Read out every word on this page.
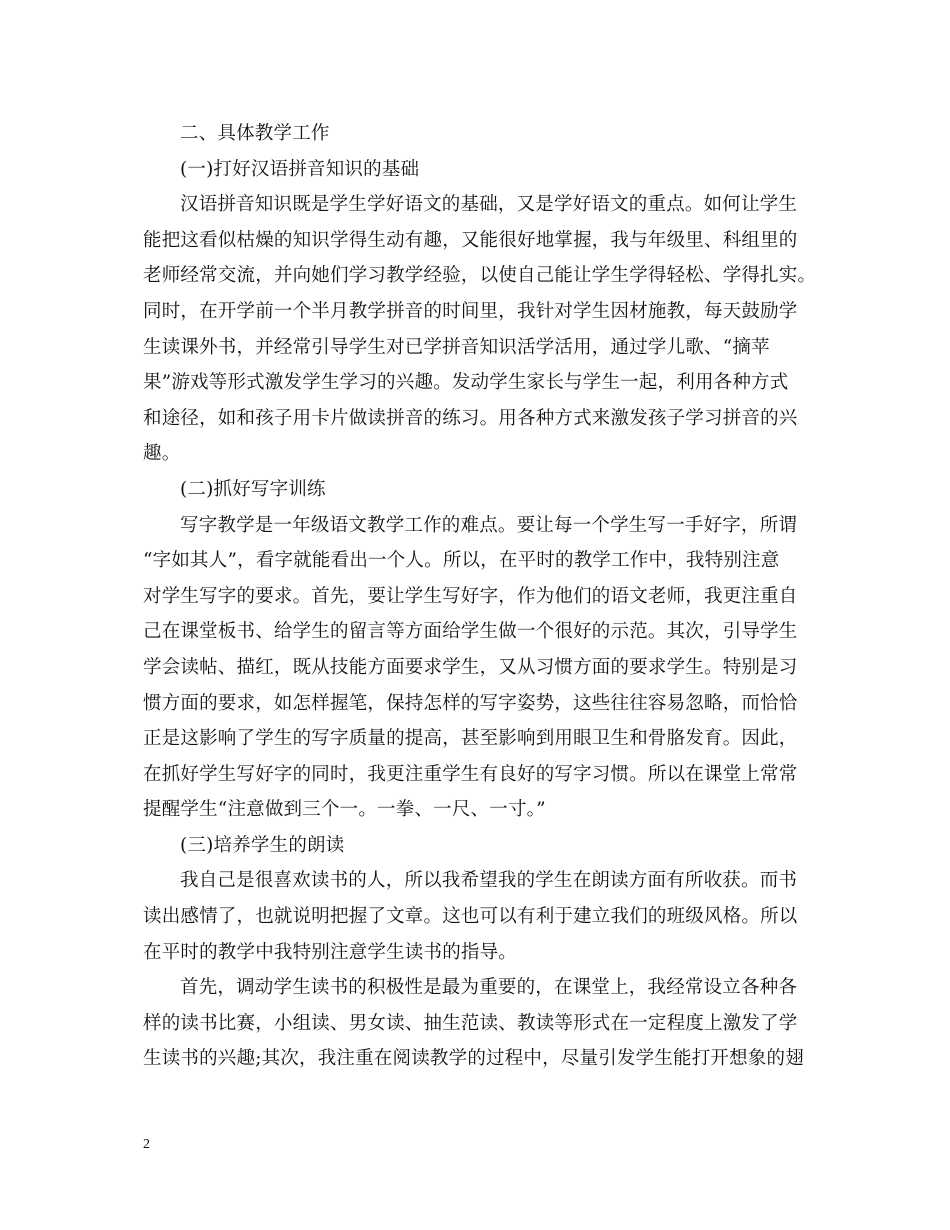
二、具体教学工作
(一)打好汉语拼音知识的基础
汉语拼音知识既是学生学好语文的基础，又是学好语文的重点。如何让学生
能把这看似枯燥的知识学得生动有趣，又能很好地掌握，我与年级里、科组里的
老师经常交流，并向她们学习教学经验，以使自己能让学生学得轻松、学得扎实。
同时，在开学前一个半月教学拼音的时间里，我针对学生因材施教，每天鼓励学
生读课外书，并经常引导学生对已学拼音知识活学活用，通过学儿歌、“摘苹
果”游戏等形式激发学生学习的兴趣。发动学生家长与学生一起，利用各种方式
和途径，如和孩子用卡片做读拼音的练习。用各种方式来激发孩子学习拼音的兴
趣。
(二)抓好写字训练
写字教学是一年级语文教学工作的难点。要让每一个学生写一手好字，所谓
“字如其人”，看字就能看出一个人。所以，在平时的教学工作中，我特别注意
对学生写字的要求。首先，要让学生写好字，作为他们的语文老师，我更注重自
己在课堂板书、给学生的留言等方面给学生做一个很好的示范。其次，引导学生
学会读帖、描红，既从技能方面要求学生，又从习惯方面的要求学生。特别是习
惯方面的要求，如怎样握笔，保持怎样的写字姿势，这些往往容易忽略，而恰恰
正是这影响了学生的写字质量的提高，甚至影响到用眼卫生和骨胳发育。因此，
在抓好学生写好字的同时，我更注重学生有良好的写字习惯。所以在课堂上常常
提醒学生“注意做到三个一。一拳、一尺、一寸。”
(三)培养学生的朗读
我自己是很喜欢读书的人，所以我希望我的学生在朗读方面有所收获。而书
读出感情了，也就说明把握了文章。这也可以有利于建立我们的班级风格。所以
在平时的教学中我特别注意学生读书的指导。
首先，调动学生读书的积极性是最为重要的，在课堂上，我经常设立各种各
样的读书比赛，小组读、男女读、抽生范读、教读等形式在一定程度上激发了学
生读书的兴趣;其次，我注重在阅读教学的过程中，尽量引发学生能打开想象的翅
2
